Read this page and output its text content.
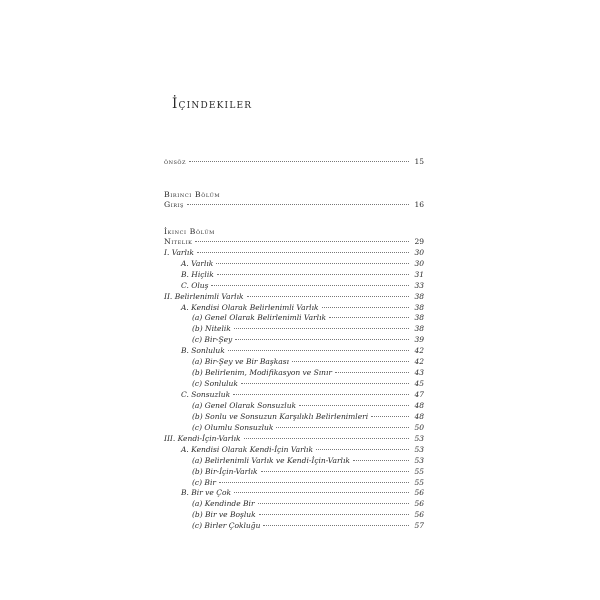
İçindekiler
önsöz	15
Birinci Bölüm
Giriş	16
İkinci Bölüm
Nitelik	29
I. Varlık	30
A. Varlık	30
B. Hiçlik	31
C. Oluş	33
II. Belirlenimli Varlık	38
A. Kendisi Olarak Belirlenimli Varlık	38
(a) Genel Olarak Belirlenimli Varlık	38
(b) Nitelik	38
(c) Bir-Şey	39
B. Sonluluk	42
(a) Bir-Şey ve Bir Başkası	42
(b) Belirlenim, Modifikasyon ve Sınır	43
(c) Sonluluk	45
C. Sonsuzluk	47
(a) Genel Olarak Sonsuzluk	48
(b) Sonlu ve Sonsuzun Karşılıklı Belirlenimleri	48
(c) Olumlu Sonsuzluk	50
III. Kendi-İçin-Varlık	53
A. Kendisi Olarak Kendi-İçin Varlık	53
(a) Belirlenimli Varlık ve Kendi-İçin-Varlık	53
(b) Bir-İçin-Varlık	55
(c) Bir	55
B. Bir ve Çok	56
(a) Kendinde Bir	56
(b) Bir ve Boşluk	56
(c) Birler Çokluğu	57
